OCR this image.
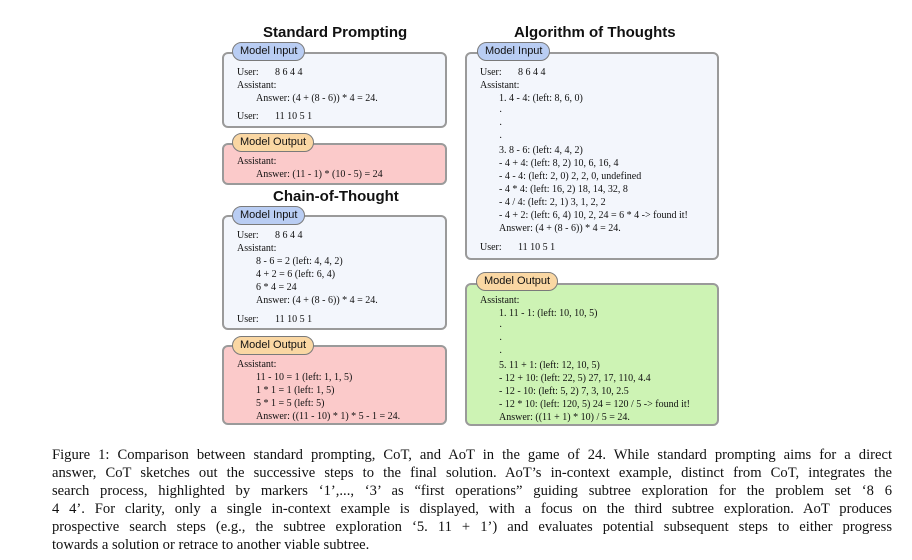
Standard Prompting	Algorithm of Thoughts
Chain-of-Thought
Model Input
User: 8 6 4 4
Assistant:
Answer: (4 + (8 - 6)) * 4 = 24.
User: 11 10 5 1
Model Output
Assistant:
Answer: (11 - 1) * (10 - 5) = 24
Model Input
User: 8 6 4 4
Assistant:
8 - 6 = 2 (left: 4, 4, 2)
4 + 2 = 6 (left: 6, 4)
6 * 4 = 24
Answer: (4 + (8 - 6)) * 4 = 24.
User: 11 10 5 1
Model Output
Assistant:
11 - 10 = 1 (left: 1, 1, 5)
1 * 1 = 1 (left: 1, 5)
5 * 1 = 5 (left: 5)
Answer: ((11 - 10) * 1) * 5 - 1 = 24.
Model Input
User: 8 6 4 4
Assistant:
1. 4 - 4: (left: 8, 6, 0)
·
·
·
3. 8 - 6: (left: 4, 4, 2)
- 4 + 4: (left: 8, 2) 10, 6, 16, 4
- 4 - 4: (left: 2, 0) 2, 2, 0, undefined
- 4 * 4: (left: 16, 2) 18, 14, 32, 8
- 4 / 4: (left: 2, 1) 3, 1, 2, 2
- 4 + 2: (left: 6, 4) 10, 2, 24 = 6 * 4 -> found it!
Answer: (4 + (8 - 6)) * 4 = 24.
User: 11 10 5 1
Model Output
Assistant:
1. 11 - 1: (left: 10, 10, 5)
·
·
·
5. 11 + 1: (left: 12, 10, 5)
- 12 + 10: (left: 22, 5) 27, 17, 110, 4.4
- 12 - 10: (left: 5, 2) 7, 3, 10, 2.5
- 12 * 10: (left: 120, 5) 24 = 120 / 5 -> found it!
Answer: ((11 + 1) * 10) / 5 = 24.
Figure 1: Comparison between standard prompting, CoT, and AoT in the game of 24. While standard prompting aims for a direct
answer, CoT sketches out the successive steps to the final solution. AoT’s in-context example, distinct from CoT, integrates the
search process, highlighted by markers ‘1’,..., ‘3’ as “first operations” guiding subtree exploration for the problem set ‘8 6
4 4’. For clarity, only a single in-context example is displayed, with a focus on the third subtree exploration. AoT produces
prospective search steps (e.g., the subtree exploration ‘5. 11 + 1’) and evaluates potential subsequent steps to either progress
towards a solution or retrace to another viable subtree.
